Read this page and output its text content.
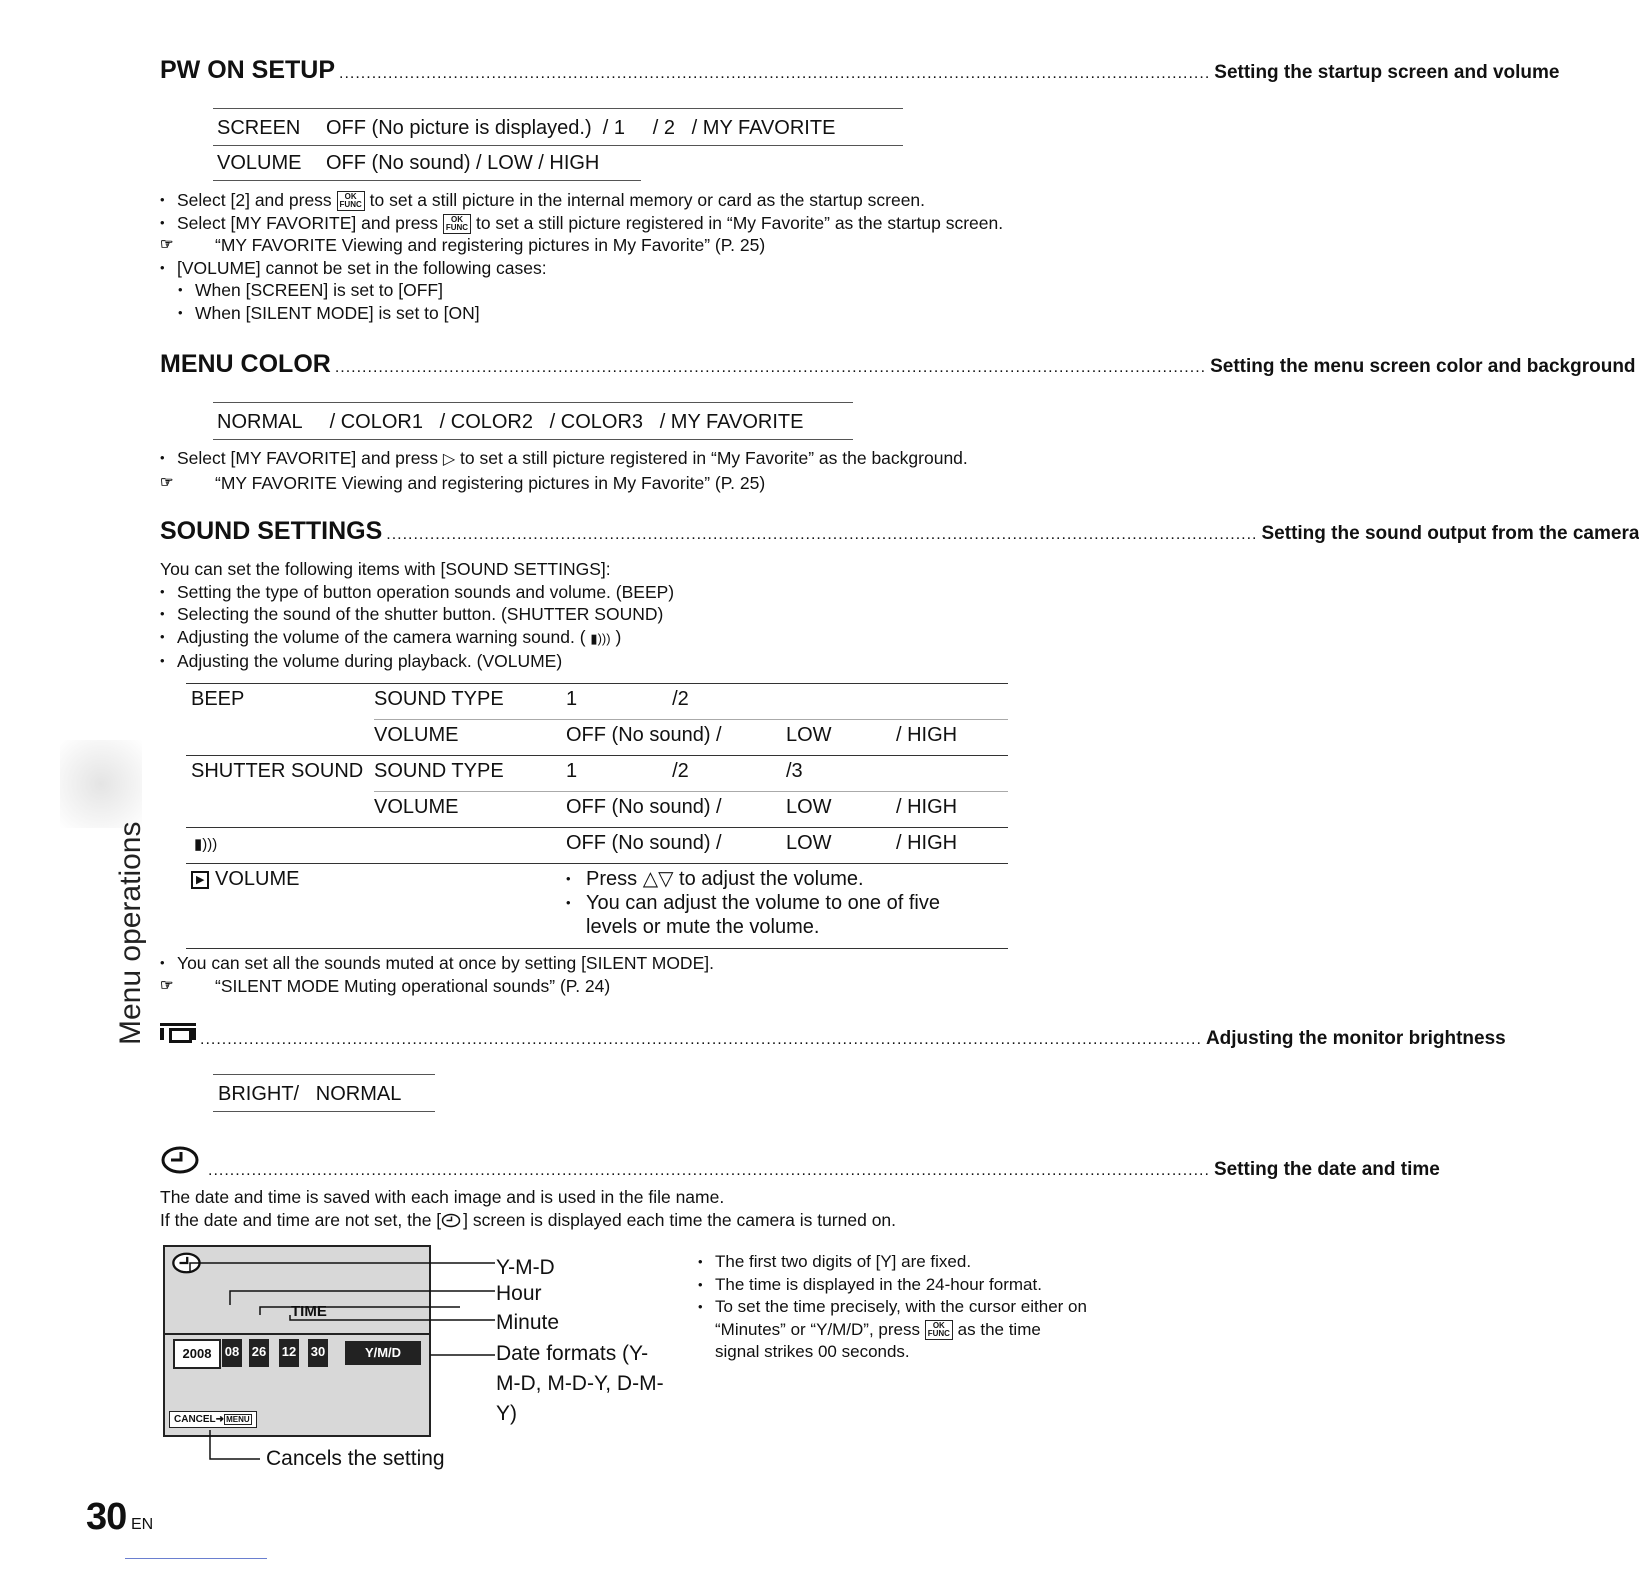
PW ON SETUP ................................................................................................................................................................ Setting the startup screen and volume
SCREEN OFF (No picture is displayed.)  / 1     / 2   / MY FAVORITE
VOLUME OFF (No sound) / LOW / HIGH
• Select [2] and press OK
FUNC to set a still picture in the internal memory or card as the startup screen.
• Select [MY FAVORITE] and press OK
FUNC to set a still picture registered in “My Favorite” as the startup screen.
☞ “MY FAVORITE Viewing and registering pictures in My Favorite” (P. 25)
• [VOLUME] cannot be set in the following cases:
• When [SCREEN] is set to [OFF]
• When [SILENT MODE] is set to [ON]
MENU COLOR ................................................................................................................................................................ Setting the menu screen color and background
NORMAL     / COLOR1   / COLOR2   / COLOR3   / MY FAVORITE
• Select [MY FAVORITE] and press ▷ to set a still picture registered in “My Favorite” as the background.
☞ “MY FAVORITE Viewing and registering pictures in My Favorite” (P. 25)
SOUND SETTINGS ................................................................................................................................................................ Setting the sound output from the camera
You can set the following items with [SOUND SETTINGS]:
• Setting the type of button operation sounds and volume. (BEEP)
• Selecting the sound of the shutter button. (SHUTTER SOUND)
• Adjusting the volume of the camera warning sound. ( ▮))) )
• Adjusting the volume during playback. (VOLUME)
BEEP	SOUND TYPE	1 /2		
	VOLUME	OFF (No sound) /	LOW	/ HIGH
SHUTTER SOUND	SOUND TYPE	1 /2	/3	
	VOLUME	OFF (No sound) /	LOW	/ HIGH
▮)))		OFF (No sound) /	LOW	/ HIGH
▶ VOLUME		• Press △▽ to adjust the volume.
• You can adjust the volume to one of five levels or mute the volume.
• You can set all the sounds muted at once by setting [SILENT MODE].
☞ “SILENT MODE Muting operational sounds” (P. 24)
........................................................................................................................................................................................ Adjusting the monitor brightness
BRIGHT/   NORMAL
........................................................................................................................................................................................ Setting the date and time
The date and time is saved with each image and is used in the file name.
If the date and time are not set, the [ ] screen is displayed each time the camera is turned on.
TIME
2008	08 26 12 30	Y/M/D
CANCEL➜ MENU
Y-M-D
Hour
Minute
Date formats (Y-M-D, M-D-Y, D-M-Y)
Cancels the setting
• The first two digits of [Y] are fixed.
• The time is displayed in the 24-hour format.
• To set the time precisely, with the cursor either on “Minutes” or “Y/M/D”, press OK
FUNC as the time signal strikes 00 seconds.
Menu operations
30 EN
